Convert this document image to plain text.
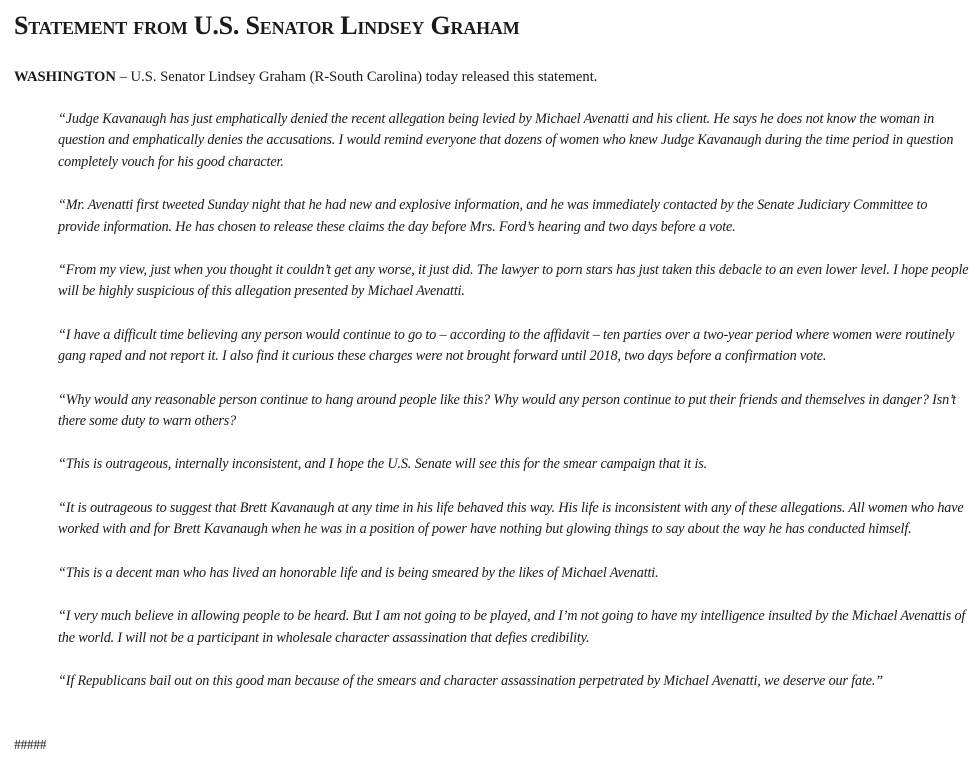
Statement from U.S. Senator Lindsey Graham

WASHINGTON – U.S. Senator Lindsey Graham (R-South Carolina) today released this statement.

“Judge Kavanaugh has just emphatically denied the recent allegation being levied by Michael Avenatti and his client. He says he does not know the woman in question and emphatically denies the accusations. I would remind everyone that dozens of women who knew Judge Kavanaugh during the time period in question completely vouch for his good character.

“Mr. Avenatti first tweeted Sunday night that he had new and explosive information, and he was immediately contacted by the Senate Judiciary Committee to provide information. He has chosen to release these claims the day before Mrs. Ford’s hearing and two days before a vote.

“From my view, just when you thought it couldn’t get any worse, it just did. The lawyer to porn stars has just taken this debacle to an even lower level. I hope people will be highly suspicious of this allegation presented by Michael Avenatti.

“I have a difficult time believing any person would continue to go to – according to the affidavit – ten parties over a two-year period where women were routinely gang raped and not report it. I also find it curious these charges were not brought forward until 2018, two days before a confirmation vote.

“Why would any reasonable person continue to hang around people like this? Why would any person continue to put their friends and themselves in danger? Isn’t there some duty to warn others?

“This is outrageous, internally inconsistent, and I hope the U.S. Senate will see this for the smear campaign that it is.

“It is outrageous to suggest that Brett Kavanaugh at any time in his life behaved this way. His life is inconsistent with any of these allegations. All women who have worked with and for Brett Kavanaugh when he was in a position of power have nothing but glowing things to say about the way he has conducted himself.

“This is a decent man who has lived an honorable life and is being smeared by the likes of Michael Avenatti.

“I very much believe in allowing people to be heard. But I am not going to be played, and I’m not going to have my intelligence insulted by the Michael Avenattis of the world. I will not be a participant in wholesale character assassination that defies credibility.

“If Republicans bail out on this good man because of the smears and character assassination perpetrated by Michael Avenatti, we deserve our fate.”

#####
